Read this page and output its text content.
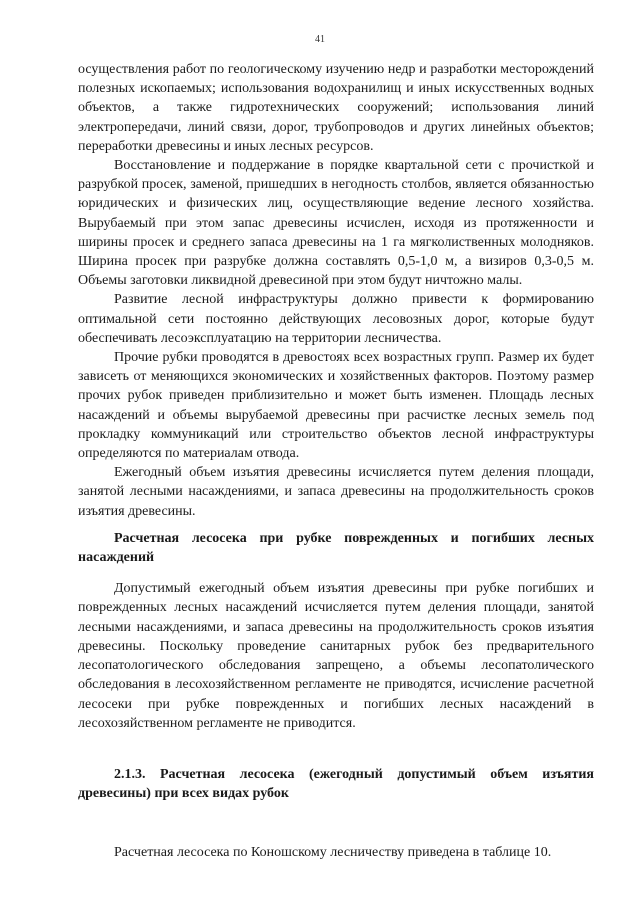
41

осуществления работ по геологическому изучению недр и разработки месторождений полезных ископаемых; использования водохранилищ и иных искусственных водных объектов, а также гидротехнических сооружений; использования линий электропередачи, линий связи, дорог, трубопроводов и других линейных объектов; переработки древесины и иных лесных ресурсов.

Восстановление и поддержание в порядке квартальной сети с прочисткой и разрубкой просек, заменой, пришедших в негодность столбов, является обязанностью юридических и физических лиц, осуществляющие ведение лесного хозяйства. Вырубаемый при этом запас древесины исчислен, исходя из протяженности и ширины просек и среднего запаса древесины на 1 га мягколиственных молодняков. Ширина просек при разрубке должна составлять 0,5-1,0 м, а визиров 0,3-0,5 м. Объемы заготовки ликвидной древесиной при этом будут ничтожно малы.

Развитие лесной инфраструктуры должно привести к формированию оптимальной сети постоянно действующих лесовозных дорог, которые будут обеспечивать лесоэксплуатацию на территории лесничества.

Прочие рубки проводятся в древостоях всех возрастных групп. Размер их будет зависеть от меняющихся экономических и хозяйственных факторов. Поэтому размер прочих рубок приведен приблизительно и может быть изменен. Площадь лесных насаждений и объемы вырубаемой древесины при расчистке лесных земель под прокладку коммуникаций или строительство объектов лесной инфраструктуры определяются по материалам отвода.

Ежегодный объем изъятия древесины исчисляется путем деления площади, занятой лесными насаждениями, и запаса древесины на продолжительность сроков изъятия древесины.

Расчетная лесосека при рубке поврежденных и погибших лесных насаждений

Допустимый ежегодный объем изъятия древесины при рубке погибших и поврежденных лесных насаждений исчисляется путем деления площади, занятой лесными насаждениями, и запаса древесины на продолжительность сроков изъятия древесины. Поскольку проведение санитарных рубок без предварительного лесопатологического обследования запрещено, а объемы лесопатолического обследования в лесохозяйственном регламенте не приводятся, исчисление расчетной лесосеки при рубке поврежденных и погибших лесных насаждений в лесохозяйственном регламенте не приводится.

2.1.3. Расчетная лесосека (ежегодный допустимый объем изъятия древесины) при всех видах рубок

Расчетная лесосека по Коношскому лесничеству приведена в таблице 10.
